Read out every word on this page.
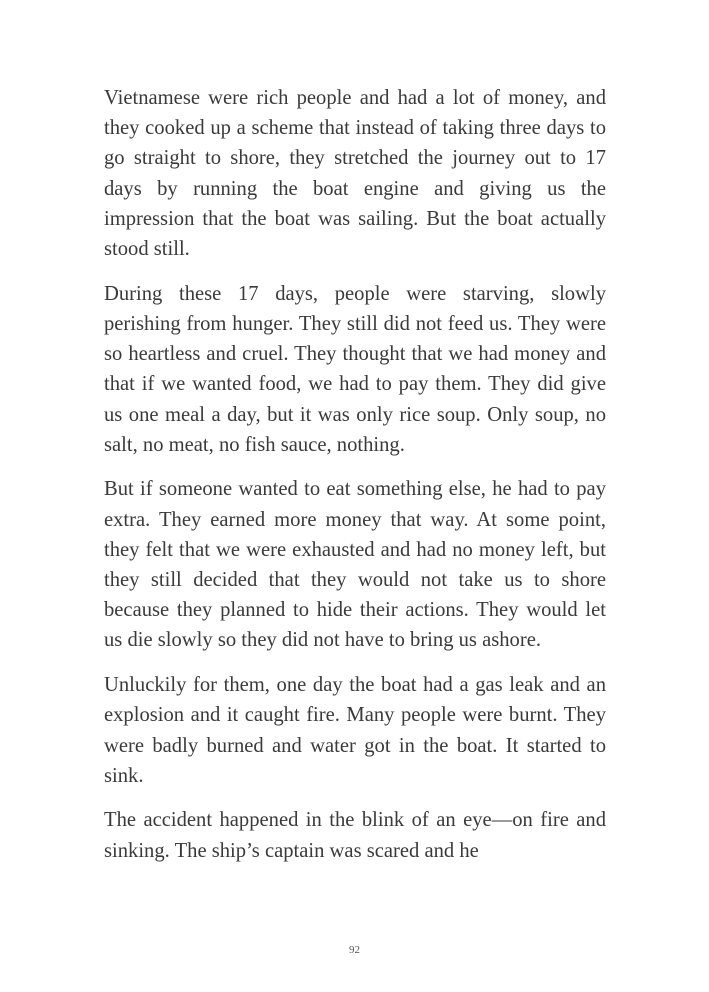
Vietnamese were rich people and had a lot of money, and they cooked up a scheme that instead of taking three days to go straight to shore, they stretched the journey out to 17 days by running the boat engine and giving us the impression that the boat was sailing. But the boat actually stood still.

During these 17 days, people were starving, slowly perishing from hunger. They still did not feed us. They were so heartless and cruel. They thought that we had money and that if we wanted food, we had to pay them. They did give us one meal a day, but it was only rice soup. Only soup, no salt, no meat, no fish sauce, nothing.

But if someone wanted to eat something else, he had to pay extra. They earned more money that way. At some point, they felt that we were exhausted and had no money left, but they still decided that they would not take us to shore because they planned to hide their actions. They would let us die slowly so they did not have to bring us ashore.

Unluckily for them, one day the boat had a gas leak and an explosion and it caught fire. Many people were burnt. They were badly burned and water got in the boat. It started to sink.

The accident happened in the blink of an eye—on fire and sinking. The ship’s captain was scared and he

92
